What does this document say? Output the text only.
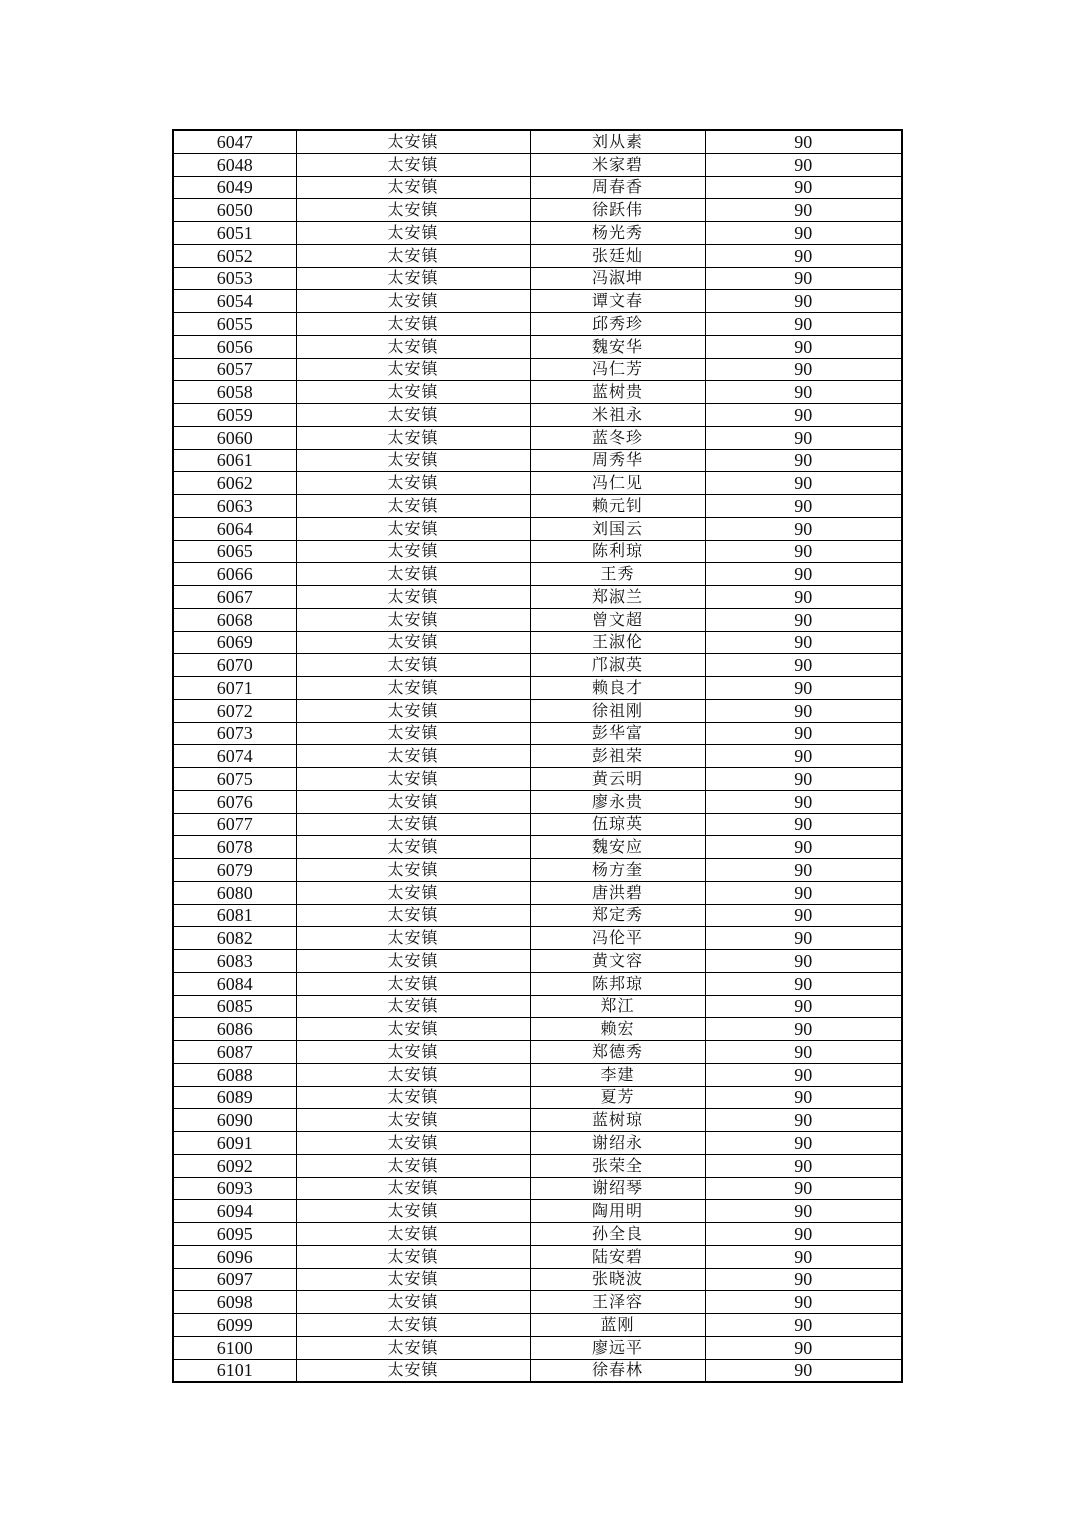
6047	太安镇	刘从素	90
6048	太安镇	米家碧	90
6049	太安镇	周春香	90
6050	太安镇	徐跃伟	90
6051	太安镇	杨光秀	90
6052	太安镇	张廷灿	90
6053	太安镇	冯淑坤	90
6054	太安镇	谭文春	90
6055	太安镇	邱秀珍	90
6056	太安镇	魏安华	90
6057	太安镇	冯仁芳	90
6058	太安镇	蓝树贵	90
6059	太安镇	米祖永	90
6060	太安镇	蓝冬珍	90
6061	太安镇	周秀华	90
6062	太安镇	冯仁见	90
6063	太安镇	赖元钊	90
6064	太安镇	刘国云	90
6065	太安镇	陈利琼	90
6066	太安镇	王秀	90
6067	太安镇	郑淑兰	90
6068	太安镇	曾文超	90
6069	太安镇	王淑伦	90
6070	太安镇	邝淑英	90
6071	太安镇	赖良才	90
6072	太安镇	徐祖刚	90
6073	太安镇	彭华富	90
6074	太安镇	彭祖荣	90
6075	太安镇	黄云明	90
6076	太安镇	廖永贵	90
6077	太安镇	伍琼英	90
6078	太安镇	魏安应	90
6079	太安镇	杨方奎	90
6080	太安镇	唐洪碧	90
6081	太安镇	郑定秀	90
6082	太安镇	冯伦平	90
6083	太安镇	黄文容	90
6084	太安镇	陈邦琼	90
6085	太安镇	郑江	90
6086	太安镇	赖宏	90
6087	太安镇	郑德秀	90
6088	太安镇	李建	90
6089	太安镇	夏芳	90
6090	太安镇	蓝树琼	90
6091	太安镇	谢绍永	90
6092	太安镇	张荣全	90
6093	太安镇	谢绍琴	90
6094	太安镇	陶用明	90
6095	太安镇	孙全良	90
6096	太安镇	陆安碧	90
6097	太安镇	张晓波	90
6098	太安镇	王泽容	90
6099	太安镇	蓝刚	90
6100	太安镇	廖远平	90
6101	太安镇	徐春林	90
